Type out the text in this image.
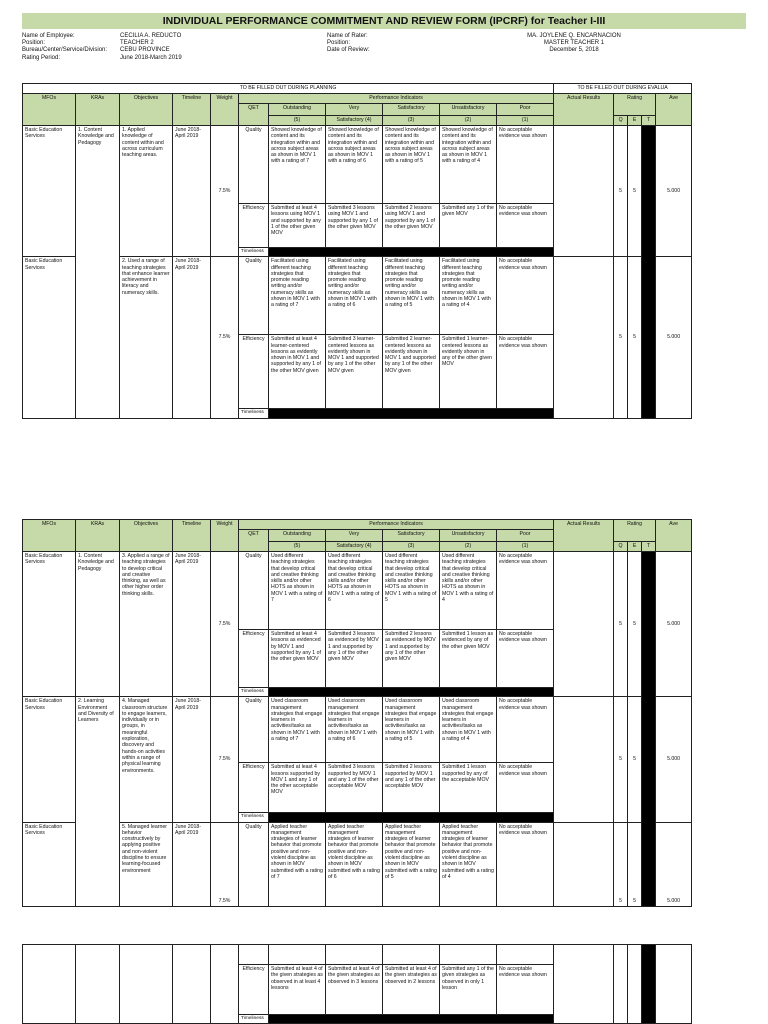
INDIVIDUAL PERFORMANCE COMMITMENT AND REVIEW FORM (IPCRF) for Teacher I-III
Name of Employee:	CECILIA A. REDUCTO
Position:	TEACHER 2
Bureau/Center/Service/Division:	CEBU PROVINCE
Rating Period:	June 2018-March 2019
Name of Rater:	MA. JOYLENE Q. ENCARNACION
Position:	MASTER TEACHER 1
Date of Review:	December 5, 2018
TO BE FILLED OUT DURING PLANNING											TO BE FILLED OUT DURING EVALUA				
MFOs	KRAs	Objectives	Timeline	Weight	Performance Indicators						Actual Results	Rating			Ave
					QET	Outstanding	Very	Satisfactory	Unsatisfactory	Poor					
						(5)	Satisfactory (4)	(3)	(2)	(1)		Q	E	T	
Basic Education Services	1. Content Knowledge and Pedagogy	1. Applied knowledge of content within and across curriculum teaching areas.	June 2018-April 2019	7.5%	Quality	Showed knowledge of content and its integration within and across subject areas as shown in MOV 1 with a rating of 7	Showed knowledge of content and its integration within and across subject areas as shown in MOV 1 with a rating of 6	Showed knowledge of content and its integration within and across subject areas as shown in MOV 1 with a rating of 5	Showed knowledge of content and its integration within and across subject areas as shown in MOV 1 with a rating of 4	No acceptable evidence was shown		5	5		5.000
					Efficiency	Submitted at least 4 lessons using MOV 1 and supported by any 1 of the other given MOV	Submitted 3 lessons using MOV 1 and supported by any 1 of the other given MOV	Submitted 2 lessons using MOV 1 and supported by any 1 of the other given MOV	Submitted any 1 of the given MOV	No acceptable evidence was shown					
					Timeliness										
Basic Education Services		2. Used a range of teaching strategies that enhance learner achievement in literacy and numeracy skills.	June 2018-April 2019	7.5%	Quality	Facilitated using different teaching strategies that promote reading writing and/or numeracy skills as shown in MOV 1 with a rating of 7	Facilitated using different teaching strategies that promote reading writing and/or numeracy skills as shown in MOV 1 with a rating of 6	Facilitated using different teaching strategies that promote reading writing and/or numeracy skills as shown in MOV 1 with a rating of 5	Facilitated using different teaching strategies that promote reading writing and/or numeracy skills as shown in MOV 1 with a rating of 4	No acceptable evidence was shown		5	5		5.000
					Efficiency	Submitted at least 4 learner-centered lessons as evidently shown in MOV 1 and supported by any 1 of the other MOV given	Submitted 3 learner-centered lessons as evidently shown in MOV 1 and supported by any 1 of the other MOV given	Submitted 2 learner-centered lessons as evidently shown in MOV 1 and supported by any 1 of the other MOV given	Submitted 1 learner-centered lessons as evidently shown in any of the other given MOV	No acceptable evidence was shown					
					Timeliness										
MFOs	KRAs	Objectives	Timeline	Weight	Performance Indicators						Actual Results	Rating			Ave
					QET	Outstanding	Very	Satisfactory	Unsatisfactory	Poor					
						(5)	Satisfactory (4)	(3)	(2)	(1)		Q	E	T	
Basic Education Services	1. Content Knowledge and Pedagogy	3. Applied a range of teaching strategies to develop critical and creative thinking, as well as other higher order thinking skills.	June 2018-April 2019	7.5%	Quality	Used different teaching strategies that develop critical and creative thinking skills and/or other HOTS as shown in MOV 1 with a rating of 7	Used different teaching strategies that develop critical and creative thinking skills and/or other HOTS as shown in MOV 1 with a rating of 6	Used different teaching strategies that develop critical and creative thinking skills and/or other HOTS as shown in MOV 1 with a rating of 5	Used different teaching strategies that develop critical and creative thinking skills and/or other HOTS as shown in MOV 1 with a rating of 4	No acceptable evidence was shown		5	5		5.000
					Efficiency	Submitted at least 4 lessons as evidenced by MOV 1 and supported by any 1 of the other given MOV	Submitted 3 lessons as evidenced by MOV 1 and supported by any 1 of the other given MOV	Submitted 2 lessons as evidenced by MOV 1 and supported by any 1 of the other given MOV	Submitted 1 lesson as evidenced by any of the other given MOV	No acceptable evidence was shown					
					Timeliness										
Basic Education Services	2. Learning Environment and Diversity of Learners	4. Managed classroom structure to engage learners, individually or in groups, in meaningful exploration, discovery and hands-on activities within a range of physical learning environments.	June 2018-April 2019	7.5%	Quality	Used classroom management strategies that engage learners in activities/tasks as shown in MOV 1 with a rating of 7	Used classroom management strategies that engage learners in activities/tasks as shown in MOV 1 with a rating of 6	Used classroom management strategies that engage learners in activities/tasks as shown in MOV 1 with a rating of 5	Used classroom management strategies that engage learners in activities/tasks as shown in MOV 1 with a rating of 4	No acceptable evidence was shown		5	5		5.000
					Efficiency	Submitted at least 4 lessons supported by MOV 1 and any 1 of the other acceptable MOV	Submitted 3 lessons supported by MOV 1 and any 1 of the other acceptable MOV	Submitted 2 lessons supported by MOV 1 and any 1 of the other acceptable MOV	Submitted 1 lesson supported by any of the acceptable MOV	No acceptable evidence was shown					
					Timeliness										
Basic Education Services		5. Managed learner behavior constructively by applying positive and non-violent discipline to ensure learning-focused environment	June 2018-April 2019	7.5%	Quality	Applied teacher management strategies of learner behavior that promote positive and non-violent discipline as shown in MOV submitted with a rating of 7	Applied teacher management strategies of learner behavior that promote positive and non-violent discipline as shown in MOV submitted with a rating of 6	Applied teacher management strategies of learner behavior that promote positive and non-violent discipline as shown in MOV submitted with a rating of 5	Applied teacher management strategies of learner behavior that promote positive and non-violent discipline as shown in MOV submitted with a rating of 4	No acceptable evidence was shown		5	5		5.000

					Efficiency	Submitted at least 4 of the given strategies as observed in at least 4 lessons	Submitted at least 4 of the given strategies as observed in 3 lessons	Submitted at least 4 of the given strategies as observed in 2 lessons	Submitted any 1 of the given strategies as observed in only 1 lesson	No acceptable evidence was shown					
					Timeliness										
